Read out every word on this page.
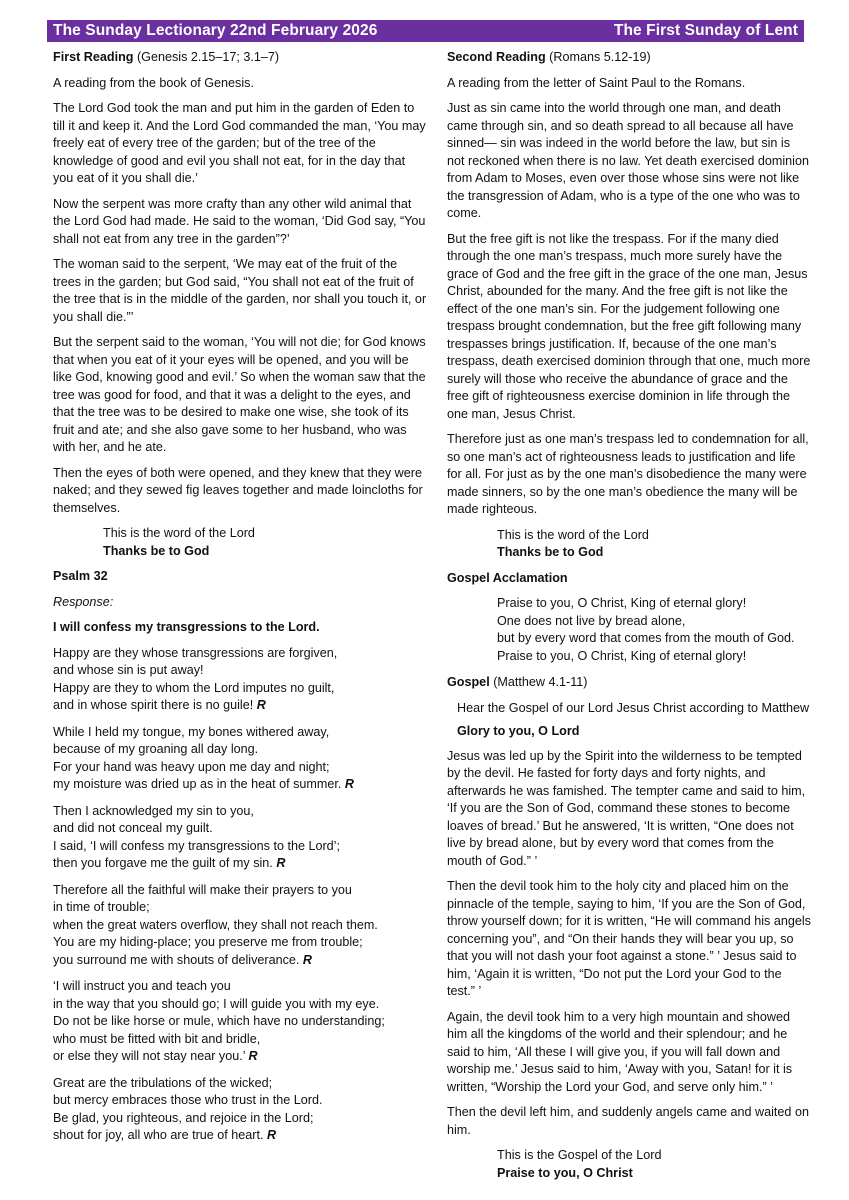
The Sunday Lectionary 22nd February 2026	The First Sunday of Lent
First Reading (Genesis 2.15–17; 3.1–7)

A reading from the book of Genesis.

The Lord God took the man and put him in the garden of Eden to till it and keep it. And the Lord God commanded the man, ‘You may freely eat of every tree of the garden; but of the tree of the knowledge of good and evil you shall not eat, for in the day that you eat of it you shall die.’

Now the serpent was more crafty than any other wild animal that the Lord God had made. He said to the woman, ‘Did God say, “You shall not eat from any tree in the garden”?’

The woman said to the serpent, ‘We may eat of the fruit of the trees in the garden; but God said, “You shall not eat of the fruit of the tree that is in the middle of the garden, nor shall you touch it, or you shall die.”’

But the serpent said to the woman, ‘You will not die; for God knows that when you eat of it your eyes will be opened, and you will be like God, knowing good and evil.’ So when the woman saw that the tree was good for food, and that it was a delight to the eyes, and that the tree was to be desired to make one wise, she took of its fruit and ate; and she also gave some to her husband, who was with her, and he ate.

Then the eyes of both were opened, and they knew that they were naked; and they sewed fig leaves together and made loincloths for themselves.

This is the word of the Lord
Thanks be to God
Psalm 32

Response:

I will confess my transgressions to the Lord.

Happy are they whose transgressions are forgiven,
and whose sin is put away!
Happy are they to whom the Lord imputes no guilt,
and in whose spirit there is no guile! R
While I held my tongue, my bones withered away,
because of my groaning all day long.
For your hand was heavy upon me day and night;
my moisture was dried up as in the heat of summer. R
Then I acknowledged my sin to you,
and did not conceal my guilt.
I said, ‘I will confess my transgressions to the Lord’;
then you forgave me the guilt of my sin. R
Therefore all the faithful will make their prayers to you
in time of trouble;
when the great waters overflow, they shall not reach them.
You are my hiding-place; you preserve me from trouble;
you surround me with shouts of deliverance. R
‘I will instruct you and teach you
in the way that you should go; I will guide you with my eye.
Do not be like horse or mule, which have no understanding;
who must be fitted with bit and bridle,
or else they will not stay near you.’ R
Great are the tribulations of the wicked;
but mercy embraces those who trust in the Lord.
Be glad, you righteous, and rejoice in the Lord;
shout for joy, all who are true of heart. R
Second Reading (Romans 5.12-19)

A reading from the letter of Saint Paul to the Romans.

Just as sin came into the world through one man, and death came through sin, and so death spread to all because all have sinned— sin was indeed in the world before the law, but sin is not reckoned when there is no law. Yet death exercised dominion from Adam to Moses, even over those whose sins were not like the transgression of Adam, who is a type of the one who was to come.

But the free gift is not like the trespass. For if the many died through the one man’s trespass, much more surely have the grace of God and the free gift in the grace of the one man, Jesus Christ, abounded for the many. And the free gift is not like the effect of the one man’s sin. For the judgement following one trespass brought condemnation, but the free gift following many trespasses brings justification. If, because of the one man’s trespass, death exercised dominion through that one, much more surely will those who receive the abundance of grace and the free gift of righteousness exercise dominion in life through the one man, Jesus Christ.

Therefore just as one man’s trespass led to condemnation for all, so one man’s act of righteousness leads to justification and life for all. For just as by the one man’s disobedience the many were made sinners, so by the one man’s obedience the many will be made righteous.

This is the word of the Lord
Thanks be to God
Gospel Acclamation
Praise to you, O Christ, King of eternal glory!
One does not live by bread alone,
but by every word that comes from the mouth of God.
Praise to you, O Christ, King of eternal glory!
Gospel (Matthew 4.1-11)

Hear the Gospel of our Lord Jesus Christ according to Matthew

Glory to you, O Lord

Jesus was led up by the Spirit into the wilderness to be tempted by the devil. He fasted for forty days and forty nights, and afterwards he was famished. The tempter came and said to him, ‘If you are the Son of God, command these stones to become loaves of bread.’ But he answered, ‘It is written, “One does not live by bread alone, but by every word that comes from the mouth of God.” ’

Then the devil took him to the holy city and placed him on the pinnacle of the temple, saying to him, ‘If you are the Son of God, throw yourself down; for it is written, “He will command his angels concerning you”, and “On their hands they will bear you up, so that you will not dash your foot against a stone.” ’ Jesus said to him, ‘Again it is written, “Do not put the Lord your God to the test.” ’

Again, the devil took him to a very high mountain and showed him all the kingdoms of the world and their splendour; and he said to him, ‘All these I will give you, if you will fall down and worship me.’ Jesus said to him, ‘Away with you, Satan! for it is written, “Worship the Lord your God, and serve only him.” ’

Then the devil left him, and suddenly angels came and waited on him.

This is the Gospel of the Lord
Praise to you, O Christ
